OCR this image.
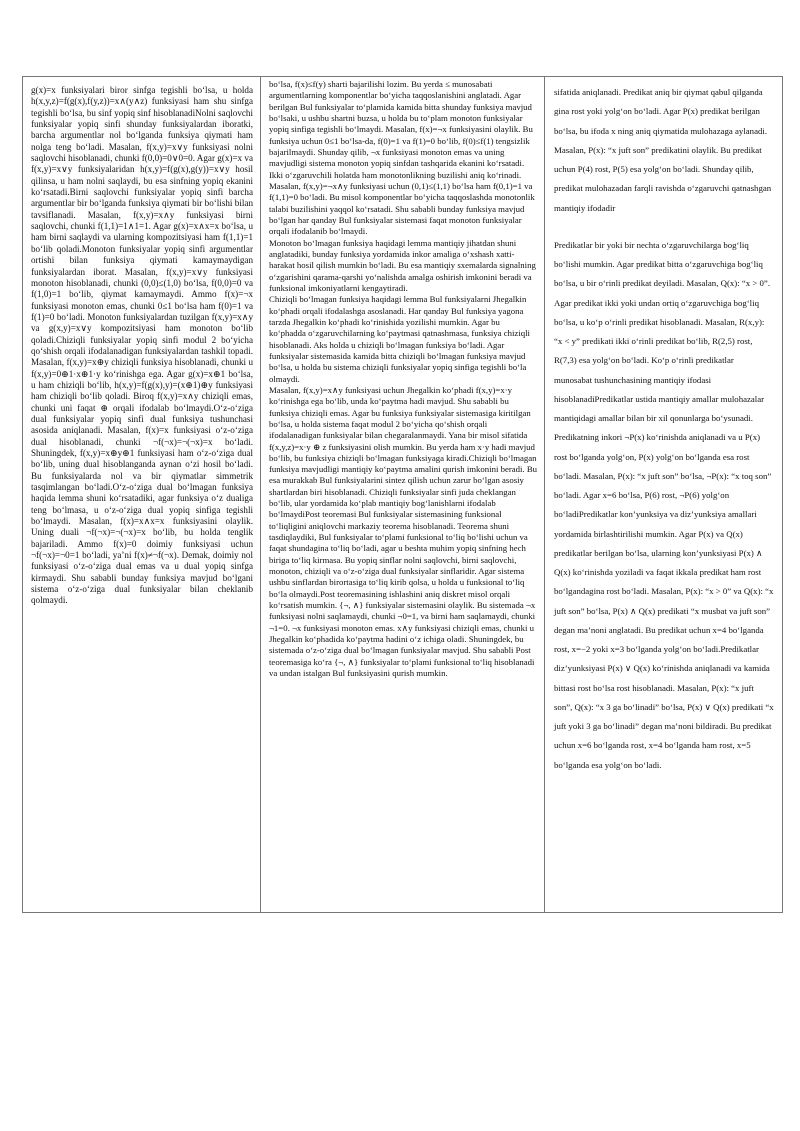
g(x)=x funksiyalari biror sinfga tegishli bo‘lsa, u holda h(x,y,z)=f(g(x),f(y,z))=x∧(y∧z) funksiyasi ham shu sinfga tegishli bo‘lsa, bu sinf yopiq sinf hisoblanadiNolni saqlovchi funksiyalar yopiq sinfi shunday funksiyalardan iboratki, barcha argumentlar nol bo‘lganda funksiya qiymati ham nolga teng bo‘ladi. Masalan, f(x,y)=x∨y funksiyasi nolni saqlovchi hisoblanadi, chunki f(0,0)=0∨0=0. Agar g(x)=x va f(x,y)=x∨y funksiyalaridan h(x,y)=f(g(x),g(y))=x∨y hosil qilinsa, u ham nolni saqlaydi, bu esa sinfning yopiq ekanini ko‘rsatadi.Birni saqlovchi funksiyalar yopiq sinfi barcha argumentlar bir bo‘lganda funksiya qiymati bir bo‘lishi bilan tavsiflanadi. Masalan, f(x,y)=x∧y funksiyasi birni saqlovchi, chunki f(1,1)=1∧1=1. Agar g(x)=x∧x=x bo‘lsa, u ham birni saqlaydi va ularning kompozitsiyasi ham f(1,1)=1 bo‘lib qoladi.Monoton funksiyalar yopiq sinfi argumentlar ortishi bilan funksiya qiymati kamaymaydigan funksiyalardan iborat. Masalan, f(x,y)=x∨y funksiyasi monoton hisoblanadi, chunki (0,0)≤(1,0) bo‘lsa, f(0,0)=0 va f(1,0)=1 bo‘lib, qiymat kamaymaydi. Ammo f(x)=¬x funksiyasi monoton emas, chunki 0≤1 bo‘lsa ham f(0)=1 va f(1)=0 bo‘ladi. Monoton funksiyalardan tuzilgan f(x,y)=x∧y va g(x,y)=x∨y kompozitsiyasi ham monoton bo‘lib qoladi.Chiziqli funksiyalar yopiq sinfi modul 2 bo‘yicha qo‘shish orqali ifodalanadigan funksiyalardan tashkil topadi. Masalan, f(x,y)=x⊕y chiziqli funksiya hisoblanadi, chunki u f(x,y)=0⊕1·x⊕1·y ko‘rinishga ega. Agar g(x)=x⊕1 bo‘lsa, u ham chiziqli bo‘lib, h(x,y)=f(g(x),y)=(x⊕1)⊕y funksiyasi ham chiziqli bo‘lib qoladi. Biroq f(x,y)=x∧y chiziqli emas, chunki uni faqat ⊕ orqali ifodalab bo‘lmaydi.O‘z-o‘ziga dual funksiyalar yopiq sinfi dual funksiya tushunchasi asosida aniqlanadi. Masalan, f(x)=x funksiyasi o‘z-o‘ziga dual hisoblanadi, chunki ¬f(¬x)=¬(¬x)=x bo‘ladi. Shuningdek, f(x,y)=x⊕y⊕1 funksiyasi ham o‘z-o‘ziga dual bo‘lib, uning dual hisoblanganda aynan o‘zi hosil bo‘ladi. Bu funksiyalarda nol va bir qiymatlar simmetrik tasqimlangan bo‘ladi.O‘z-o‘ziga dual bo‘lmagan funksiya haqida lemma shuni ko‘rsatadiki, agar funksiya o‘z dualiga teng bo‘lmasa, u o‘z-o‘ziga dual yopiq sinfiga tegishli bo‘lmaydi. Masalan, f(x)=x∧x=x funksiyasini olaylik. Uning duali ¬f(¬x)=¬(¬x)=x bo‘lib, bu holda tenglik bajariladi. Ammo f(x)=0 doimiy funksiyasi uchun ¬f(¬x)=¬0=1 bo‘ladi, ya’ni f(x)≠¬f(¬x). Demak, doimiy nol funksiyasi o‘z-o‘ziga dual emas va u dual yopiq sinfga kirmaydi. Shu sababli bunday funksiya mavjud bo‘lgani sistema o‘z-o‘ziga dual funksiyalar bilan cheklanib qolmaydi.

bo‘lsa, f(x)≤f(y) sharti bajarilishi lozim. Bu yerda ≤ munosabati argumentlarning komponentlar bo‘yicha taqqoslanishini anglatadi. Agar berilgan Bul funksiyalar to‘plamida kamida bitta shunday funksiya mavjud bo‘lsaki, u ushbu shartni buzsa, u holda bu to‘plam monoton funksiyalar yopiq sinfiga tegishli bo‘lmaydi. Masalan, f(x)=¬x funksiyasini olaylik. Bu funksiya uchun 0≤1 bo‘lsa-da, f(0)=1 va f(1)=0 bo‘lib, f(0)≤f(1) tengsizlik bajarilmaydi. Shunday qilib, ¬x funksiyasi monoton emas va uning mavjudligi sistema monoton yopiq sinfdan tashqarida ekanini ko‘rsatadi. Ikki o‘zgaruvchili holatda ham monotonlikning buzilishi aniq ko‘rinadi. Masalan, f(x,y)=¬x∧y funksiyasi uchun (0,1)≤(1,1) bo‘lsa ham f(0,1)=1 va f(1,1)=0 bo‘ladi. Bu misol komponentlar bo‘yicha taqqoslashda monotonlik talabi buzilishini yaqqol ko‘rsatadi. Shu sababli bunday funksiya mavjud bo‘lgan har qanday Bul funksiyalar sistemasi faqat monoton funksiyalar orqali ifodalanib bo‘lmaydi.
Monoton bo‘lmagan funksiya haqidagi lemma mantiqiy jihatdan shuni anglatadiki, bunday funksiya yordamida inkor amaliga o‘xshash xatti-harakat hosil qilish mumkin bo‘ladi. Bu esa mantiqiy sxemalarda signalning o‘zgarishini qarama-qarshi yo‘nalishda amalga oshirish imkonini beradi va funksional imkoniyatlarni kengaytiradi.
Chiziqli bo‘lmagan funksiya haqidagi lemma Bul funksiyalarni Jhegalkin ko‘phadi orqali ifodalashga asoslanadi. Har qanday Bul funksiya yagona tarzda Jhegalkin ko‘phadi ko‘rinishida yozilishi mumkin. Agar bu ko‘phadda o‘zgaruvchilarning ko‘paytmasi qatnashmasa, funksiya chiziqli hisoblanadi. Aks holda u chiziqli bo‘lmagan funksiya bo‘ladi. Agar funksiyalar sistemasida kamida bitta chiziqli bo‘lmagan funksiya mavjud bo‘lsa, u holda bu sistema chiziqli funksiyalar yopiq sinfiga tegishli bo‘la olmaydi.
Masalan, f(x,y)=x∧y funksiyasi uchun Jhegalkin ko‘phadi f(x,y)=x·y ko‘rinishga ega bo‘lib, unda ko‘paytma hadi mavjud. Shu sababli bu funksiya chiziqli emas. Agar bu funksiya funksiyalar sistemasiga kiritilgan bo‘lsa, u holda sistema faqat modul 2 bo‘yicha qo‘shish orqali ifodalanadigan funksiyalar bilan chegaralanmaydi. Yana bir misol sifatida f(x,y,z)=x·y ⊕ z funksiyasini olish mumkin. Bu yerda ham x·y hadi mavjud bo‘lib, bu funksiya chiziqli bo‘lmagan funksiyaga kiradi.Chiziqli bo‘lmagan funksiya mavjudligi mantiqiy ko‘paytma amalini qurish imkonini beradi. Bu esa murakkab Bul funksiyalarini sintez qilish uchun zarur bo‘lgan asosiy shartlardan biri hisoblanadi. Chiziqli funksiyalar sinfi juda cheklangan bo‘lib, ular yordamida ko‘plab mantiqiy bog‘lanishlarni ifodalab bo‘lmaydiPost teoremasi Bul funksiyalar sistemasining funksional to‘liqligini aniqlovchi markaziy teorema hisoblanadi. Teorema shuni tasdiqlaydiki, Bul funksiyalar to‘plami funksional to‘liq bo‘lishi uchun va faqat shundagina to‘liq bo‘ladi, agar u beshta muhim yopiq sinfning hech biriga to‘liq kirmasa. Bu yopiq sinflar nolni saqlovchi, birni saqlovchi, monoton, chiziqli va o‘z-o‘ziga dual funksiyalar sinflaridir. Agar sistema ushbu sinflardan birortasiga to‘liq kirib qolsa, u holda u funksional to‘liq bo‘la olmaydi.Post teoremasining ishlashini aniq diskret misol orqali ko‘rsatish mumkin. {¬, ∧} funksiyalar sistemasini olaylik. Bu sistemada ¬x funksiyasi nolni saqlamaydi, chunki ¬0=1, va birni ham saqlamaydi, chunki ¬1=0. ¬x funksiyasi monoton emas. x∧y funksiyasi chiziqli emas, chunki u Jhegalkin ko‘phadida ko‘paytma hadini o‘z ichiga oladi. Shuningdek, bu sistemada o‘z-o‘ziga dual bo‘lmagan funksiyalar mavjud. Shu sababli Post teoremasiga ko‘ra {¬, ∧} funksiyalar to‘plami funksional to‘liq hisoblanadi va undan istalgan Bul funksiyasini qurish mumkin.

sifatida aniqlanadi. Predikat aniq bir qiymat qabul qilganda gina rost yoki yolg‘on bo‘ladi. Agar P(x) predikat berilgan bo‘lsa, bu ifoda x ning aniq qiymatida mulohazaga aylanadi. Masalan, P(x): “x juft son” predikatini olaylik. Bu predikat uchun P(4) rost, P(5) esa yolg‘on bo‘ladi. Shunday qilib, predikat mulohazadan farqli ravishda o‘zgaruvchi qatnashgan mantiqiy ifodadir

Predikatlar bir yoki bir nechta o‘zgaruvchilarga bog‘liq bo‘lishi mumkin. Agar predikat bitta o‘zgaruvchiga bog‘liq bo‘lsa, u bir o‘rinli predikat deyiladi. Masalan, Q(x): “x > 0”. Agar predikat ikki yoki undan ortiq o‘zgaruvchiga bog‘liq bo‘lsa, u ko‘p o‘rinli predikat hisoblanadi. Masalan, R(x,y): “x < y” predikati ikki o‘rinli predikat bo‘lib, R(2,5) rost, R(7,3) esa yolg‘on bo‘ladi. Ko‘p o‘rinli predikatlar munosabat tushunchasining mantiqiy ifodasi hisoblanadiPredikatlar ustida mantiqiy amallar mulohazalar mantiqidagi amallar bilan bir xil qonunlarga bo‘ysunadi. Predikatning inkori ¬P(x) ko‘rinishda aniqlanadi va u P(x) rost bo‘lganda yolg‘on, P(x) yolg‘on bo‘lganda esa rost bo‘ladi. Masalan, P(x): “x juft son” bo‘lsa, ¬P(x): “x toq son” bo‘ladi. Agar x=6 bo‘lsa, P(6) rost, ¬P(6) yolg‘on bo‘ladiPredikatlar kon’yunksiya va diz’yunksiya amallari yordamida birlashtirilishi mumkin. Agar P(x) va Q(x) predikatlar berilgan bo‘lsa, ularning kon’yunksiyasi P(x) ∧ Q(x) ko‘rinishda yoziladi va faqat ikkala predikat ham rost bo‘lgandagina rost bo‘ladi. Masalan, P(x): “x > 0” va Q(x): “x juft son” bo‘lsa, P(x) ∧ Q(x) predikati “x musbat va juft son” degan ma’noni anglatadi. Bu predikat uchun x=4 bo‘lganda rost, x=−2 yoki x=3 bo‘lganda yolg‘on bo‘ladi.Predikatlar diz’yunksiyasi P(x) ∨ Q(x) ko‘rinishda aniqlanadi va kamida bittasi rost bo‘lsa rost hisoblanadi. Masalan, P(x): “x juft son”, Q(x): “x 3 ga bo‘linadi” bo‘lsa, P(x) ∨ Q(x) predikati “x juft yoki 3 ga bo‘linadi” degan ma’noni bildiradi. Bu predikat uchun x=6 bo‘lganda rost, x=4 bo‘lganda ham rost, x=5 bo‘lganda esa yolg‘on bo‘ladi.
